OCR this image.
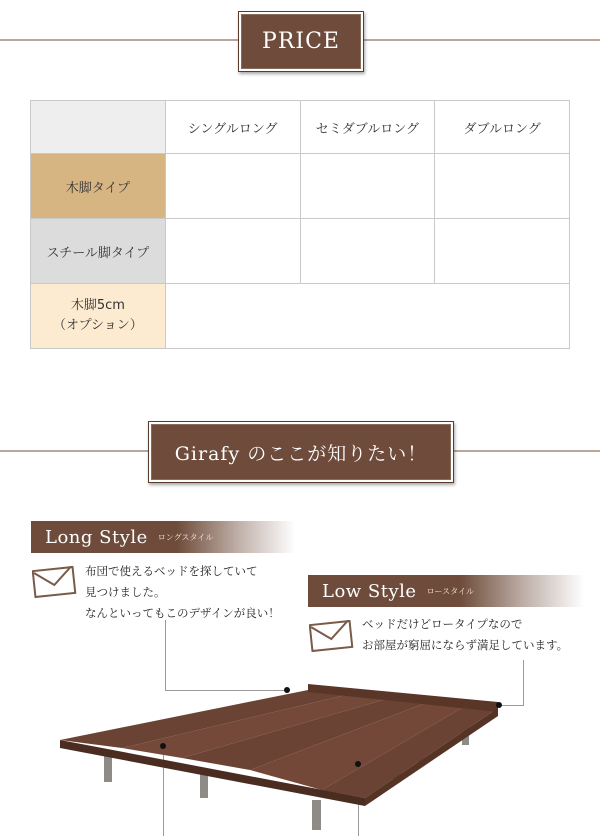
PRICE
	シングルロング	セミダブルロング	ダブルロング
木脚タイプ			
スチール脚タイプ			
木脚5cm
（オプション）			
Girafy のここが知りたい！
Long Style ロングスタイル
布団で使えるベッドを探していて
見つけました。
なんといってもこのデザインが良い！
Low Style ロースタイル
ベッドだけどロータイプなので
お部屋が窮屈にならず満足しています。
